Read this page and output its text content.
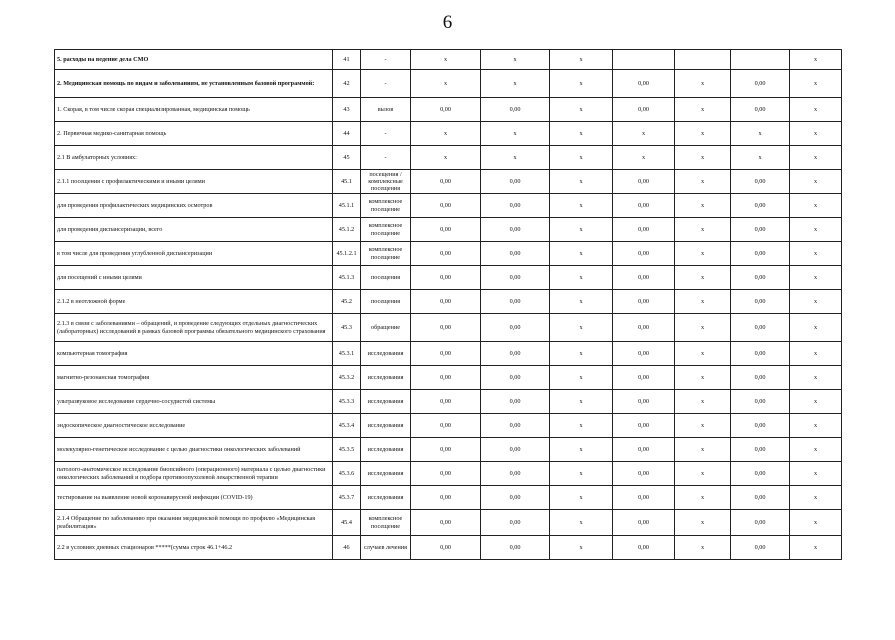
6
5. расходы на ведение дела СМО	41	-	x	x	x				x
2. Медицинская помощь по видам и заболеваниям, не установленным базовой программой:	42	-	x	x	x	0,00	x	0,00	x
1. Скорая, в том числе скорая специализированная, медицинская помощь	43	вызов	0,00	0,00	x	0,00	x	0,00	x
2. Первичная медико-санитарная помощь	44	-	x	x	x	x	x	x	x
2.1 В амбулаторных условиях:	45	-	x	x	x	x	x	x	x
2.1.1 посещения с профилактическими и иными целями	45.1	посещения / комплексные посещения	0,00	0,00	x	0,00	x	0,00	x
для проведения профилактических медицинских осмотров	45.1.1	комплексное посещение	0,00	0,00	x	0,00	x	0,00	x
для проведения диспансеризации, всего	45.1.2	комплексное посещение	0,00	0,00	x	0,00	x	0,00	x
в том числе для проведения углубленной диспансеризации	45.1.2.1	комплексное посещение	0,00	0,00	x	0,00	x	0,00	x
для посещений с иными целями	45.1.3	посещения	0,00	0,00	x	0,00	x	0,00	x
2.1.2 в неотложной форме	45.2	посещения	0,00	0,00	x	0,00	x	0,00	x
2.1.3 в связи с заболеваниями – обращений, и проведение следующих отдельных диагностических (лабораторных) исследований в рамках базовой программы обязательного медицинского страхования	45.3	обращение	0,00	0,00	x	0,00	x	0,00	x
компьютерная томография	45.3.1	исследования	0,00	0,00	x	0,00	x	0,00	x
магнитно-резонансная томография	45.3.2	исследования	0,00	0,00	x	0,00	x	0,00	x
ультразвуковое исследование сердечно-сосудистой системы	45.3.3	исследования	0,00	0,00	x	0,00	x	0,00	x
эндоскопическое диагностическое исследование	45.3.4	исследования	0,00	0,00	x	0,00	x	0,00	x
молекулярно-генетическое исследование с целью диагностики онкологических заболеваний	45.3.5	исследования	0,00	0,00	x	0,00	x	0,00	x
патолого-анатомическое исследование биопсийного (операционного) материала с целью диагностики онкологических заболеваний и подбора противоопухолевой лекарственной терапии	45.3.6	исследования	0,00	0,00	x	0,00	x	0,00	x
тестирование на выявление новой коронавирусной инфекции (COVID-19)	45.3.7	исследования	0,00	0,00	x	0,00	x	0,00	x
2.1.4 Обращение по заболеванию при оказании медицинской помощи по профилю «Медицинская реабилитация»	45.4	комплексное посещение	0,00	0,00	x	0,00	x	0,00	x
2.2 в условиях дневных стационаров *****(сумма строк 46.1+46.2	46	случаев лечения	0,00	0,00	x	0,00	x	0,00	x
